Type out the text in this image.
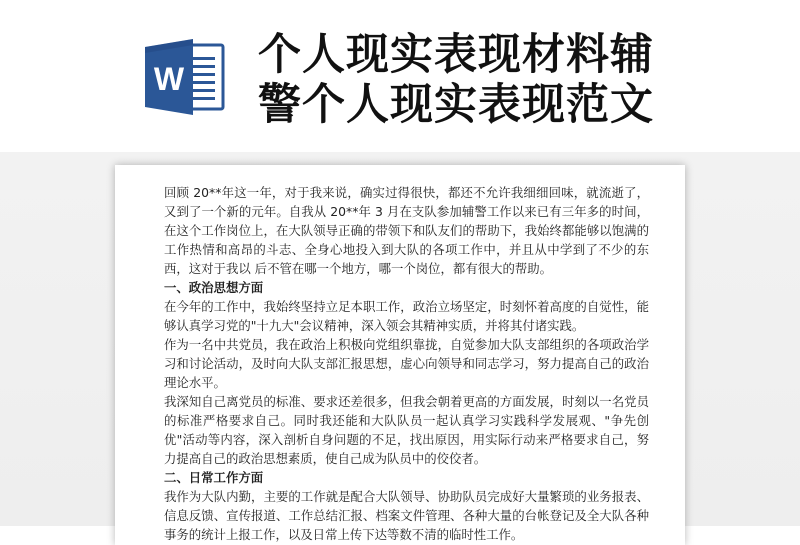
W 个人现实表现材料辅
警个人现实表现范文

回顾 20**年这一年，对于我来说，确实过得很快，都还不允许我细细回味，就流逝了，又到了一个新的元年。自我从 20**年 3 月在支队参加辅警工作以来已有三年多的时间，在这个工作岗位上，在大队领导正确的带领下和队友们的帮助下，我始终都能够以饱满的工作热情和高昂的斗志、全身心地投入到大队的各项工作中，并且从中学到了不少的东西，这对于我以 后不管在哪一个地方，哪一个岗位，都有很大的帮助。

一、政治思想方面

在今年的工作中，我始终坚持立足本职工作，政治立场坚定，时刻怀着高度的自觉性，能够认真学习党的"十九大"会议精神，深入领会其精神实质，并将其付诸实践。

作为一名中共党员，我在政治上积极向党组织靠拢，自觉参加大队支部组织的各项政治学习和讨论活动，及时向大队支部汇报思想，虚心向领导和同志学习，努力提高自己的政治理论水平。

我深知自己离党员的标准、要求还差很多，但我会朝着更高的方面发展，时刻以一名党员的标准严格要求自己。同时我还能和大队队员一起认真学习实践科学发展观、"争先创优"活动等内容，深入剖析自身问题的不足，找出原因，用实际行动来严格要求自己，努力提高自己的政治思想素质，使自己成为队员中的佼佼者。

二、日常工作方面

我作为大队内勤，主要的工作就是配合大队领导、协助队员完成好大量繁琐的业务报表、信息反馈、宣传报道、工作总结汇报、档案文件管理、各种大量的台帐登记及全大队各种事务的统计上报工作，以及日常上传下达等数不清的临时性工作。
